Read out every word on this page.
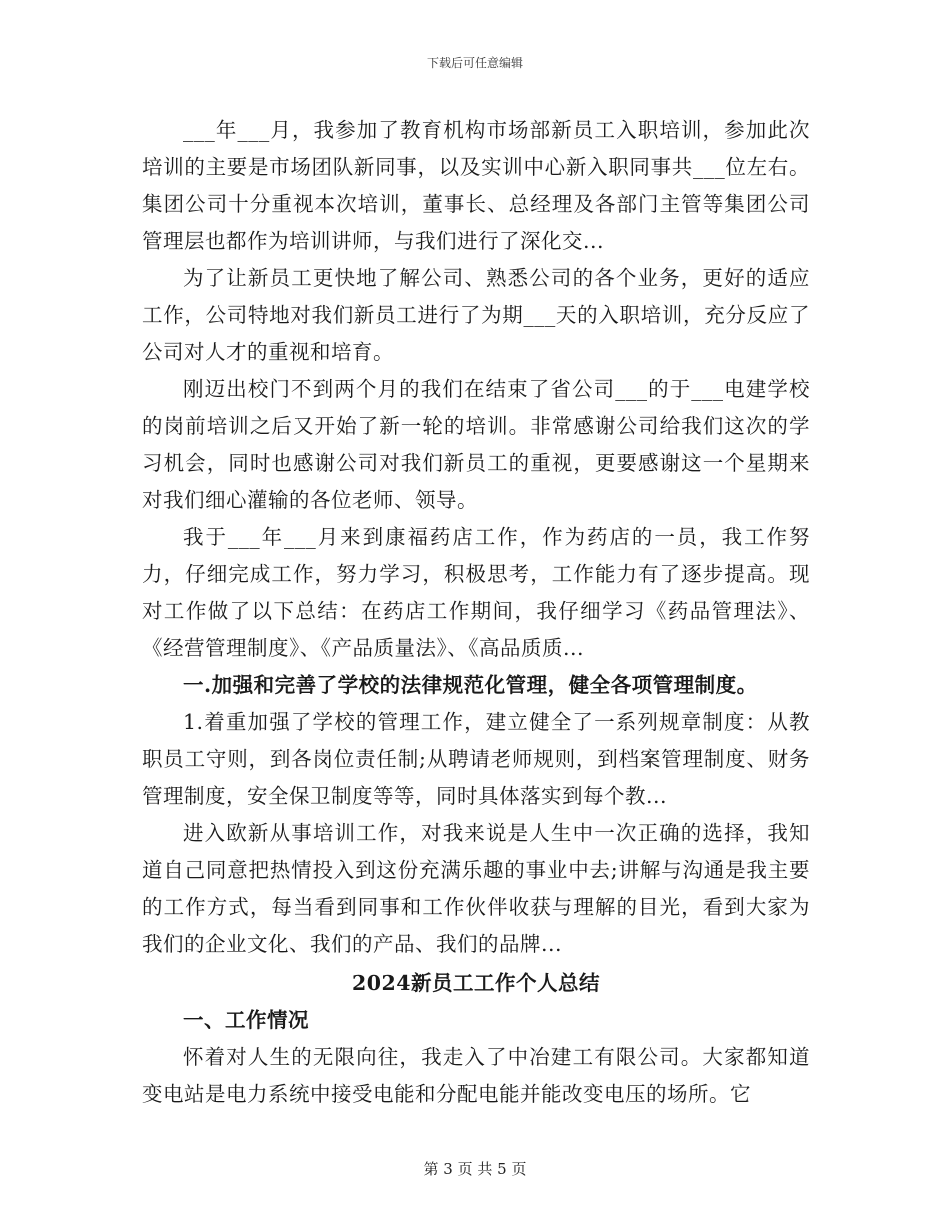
下载后可任意编辑

___年___月，我参加了教育机构市场部新员工入职培训，参加此次培训的主要是市场团队新同事，以及实训中心新入职同事共___位左右。集团公司十分重视本次培训，董事长、总经理及各部门主管等集团公司管理层也都作为培训讲师，与我们进行了深化交...

为了让新员工更快地了解公司、熟悉公司的各个业务，更好的适应工作，公司特地对我们新员工进行了为期___天的入职培训，充分反应了公司对人才的重视和培育。

刚迈出校门不到两个月的我们在结束了省公司___的于___电建学校的岗前培训之后又开始了新一轮的培训。非常感谢公司给我们这次的学习机会，同时也感谢公司对我们新员工的重视，更要感谢这一个星期来对我们细心灌输的各位老师、领导。

我于___年___月来到康福药店工作，作为药店的一员，我工作努力，仔细完成工作，努力学习，积极思考，工作能力有了逐步提高。现对工作做了以下总结：在药店工作期间，我仔细学习《药品管理法》、《经营管理制度》、《产品质量法》、《高品质质...

一.加强和完善了学校的法律规范化管理，健全各项管理制度。

1.着重加强了学校的管理工作，建立健全了一系列规章制度：从教职员工守则，到各岗位责任制;从聘请老师规则，到档案管理制度、财务管理制度，安全保卫制度等等，同时具体落实到每个教...

进入欧新从事培训工作，对我来说是人生中一次正确的选择，我知道自己同意把热情投入到这份充满乐趣的事业中去;讲解与沟通是我主要的工作方式，每当看到同事和工作伙伴收获与理解的目光，看到大家为我们的企业文化、我们的产品、我们的品牌...

2024新员工工作个人总结

一、工作情况

怀着对人生的无限向往，我走入了中冶建工有限公司。大家都知道变电站是电力系统中接受电能和分配电能并能改变电压的场所。它

第 3 页 共 5 页
